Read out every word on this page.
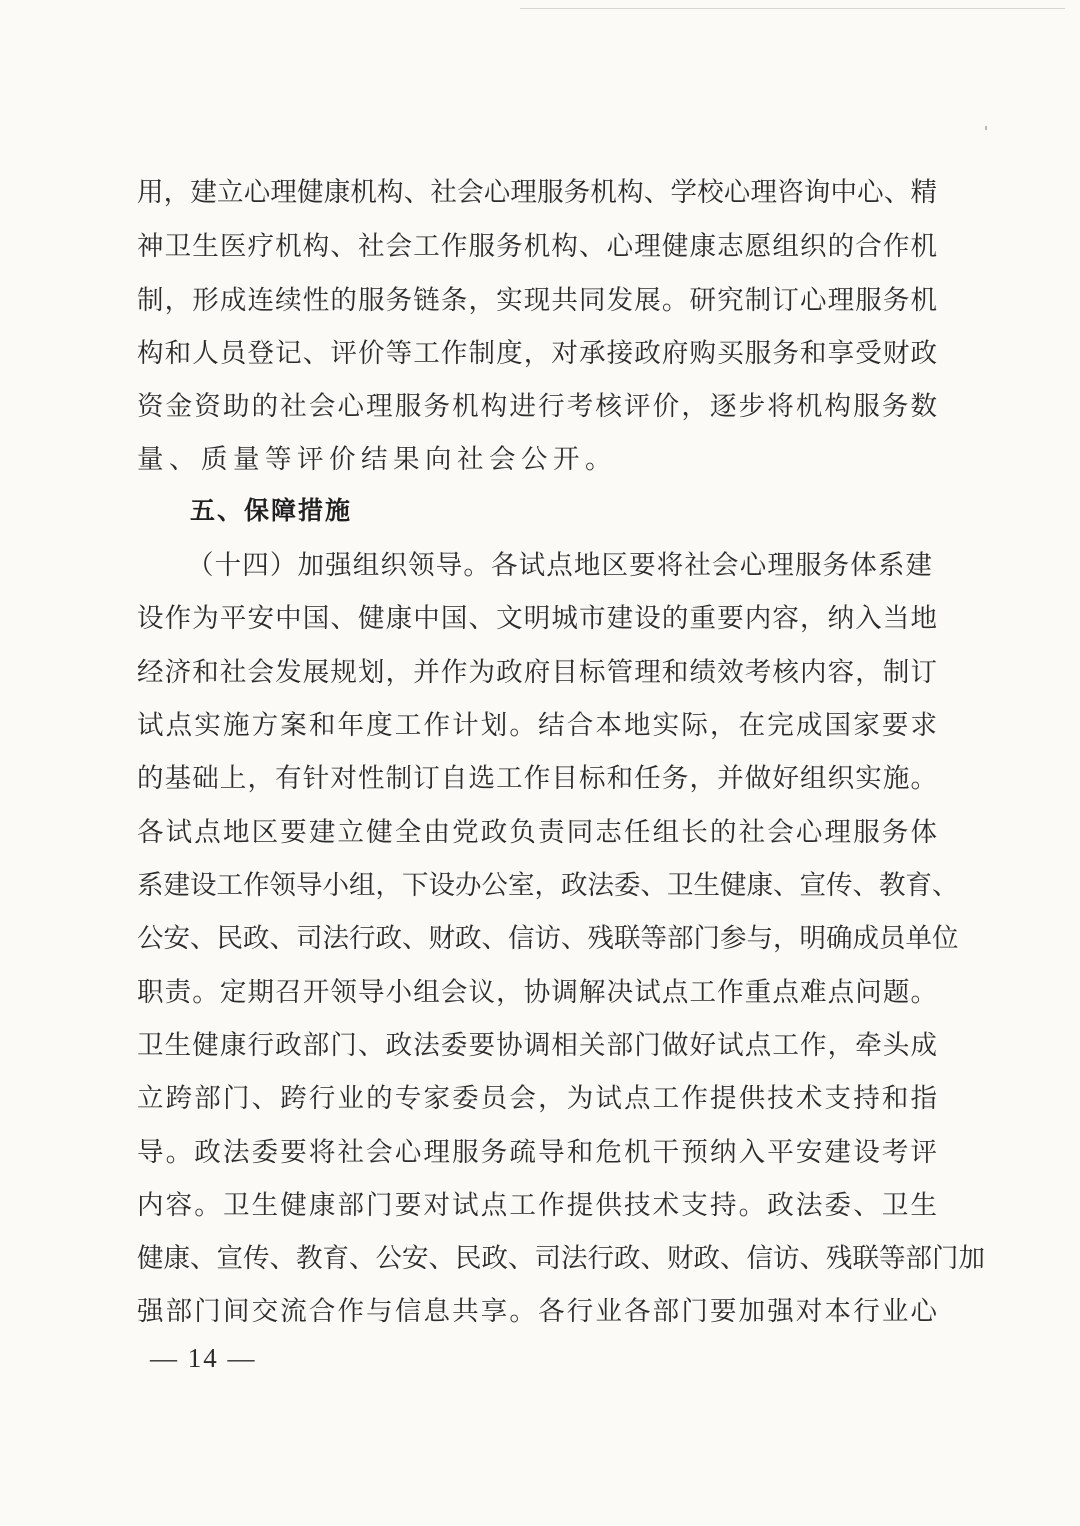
用，建立心理健康机构、社会心理服务机构、学校心理咨询中心、精
神卫生医疗机构、社会工作服务机构、心理健康志愿组织的合作机
制，形成连续性的服务链条，实现共同发展。研究制订心理服务机
构和人员登记、评价等工作制度，对承接政府购买服务和享受财政
资金资助的社会心理服务机构进行考核评价，逐步将机构服务数
量、质量等评价结果向社会公开。
五、保障措施
（十四）加强组织领导。各试点地区要将社会心理服务体系建
设作为平安中国、健康中国、文明城市建设的重要内容，纳入当地
经济和社会发展规划，并作为政府目标管理和绩效考核内容，制订
试点实施方案和年度工作计划。结合本地实际，在完成国家要求
的基础上，有针对性制订自选工作目标和任务，并做好组织实施。
各试点地区要建立健全由党政负责同志任组长的社会心理服务体
系建设工作领导小组，下设办公室，政法委、卫生健康、宣传、教育、
公安、民政、司法行政、财政、信访、残联等部门参与，明确成员单位
职责。定期召开领导小组会议，协调解决试点工作重点难点问题。
卫生健康行政部门、政法委要协调相关部门做好试点工作，牵头成
立跨部门、跨行业的专家委员会，为试点工作提供技术支持和指
导。政法委要将社会心理服务疏导和危机干预纳入平安建设考评
内容。卫生健康部门要对试点工作提供技术支持。政法委、卫生
健康、宣传、教育、公安、民政、司法行政、财政、信访、残联等部门加
强部门间交流合作与信息共享。各行业各部门要加强对本行业心
— 14 —
